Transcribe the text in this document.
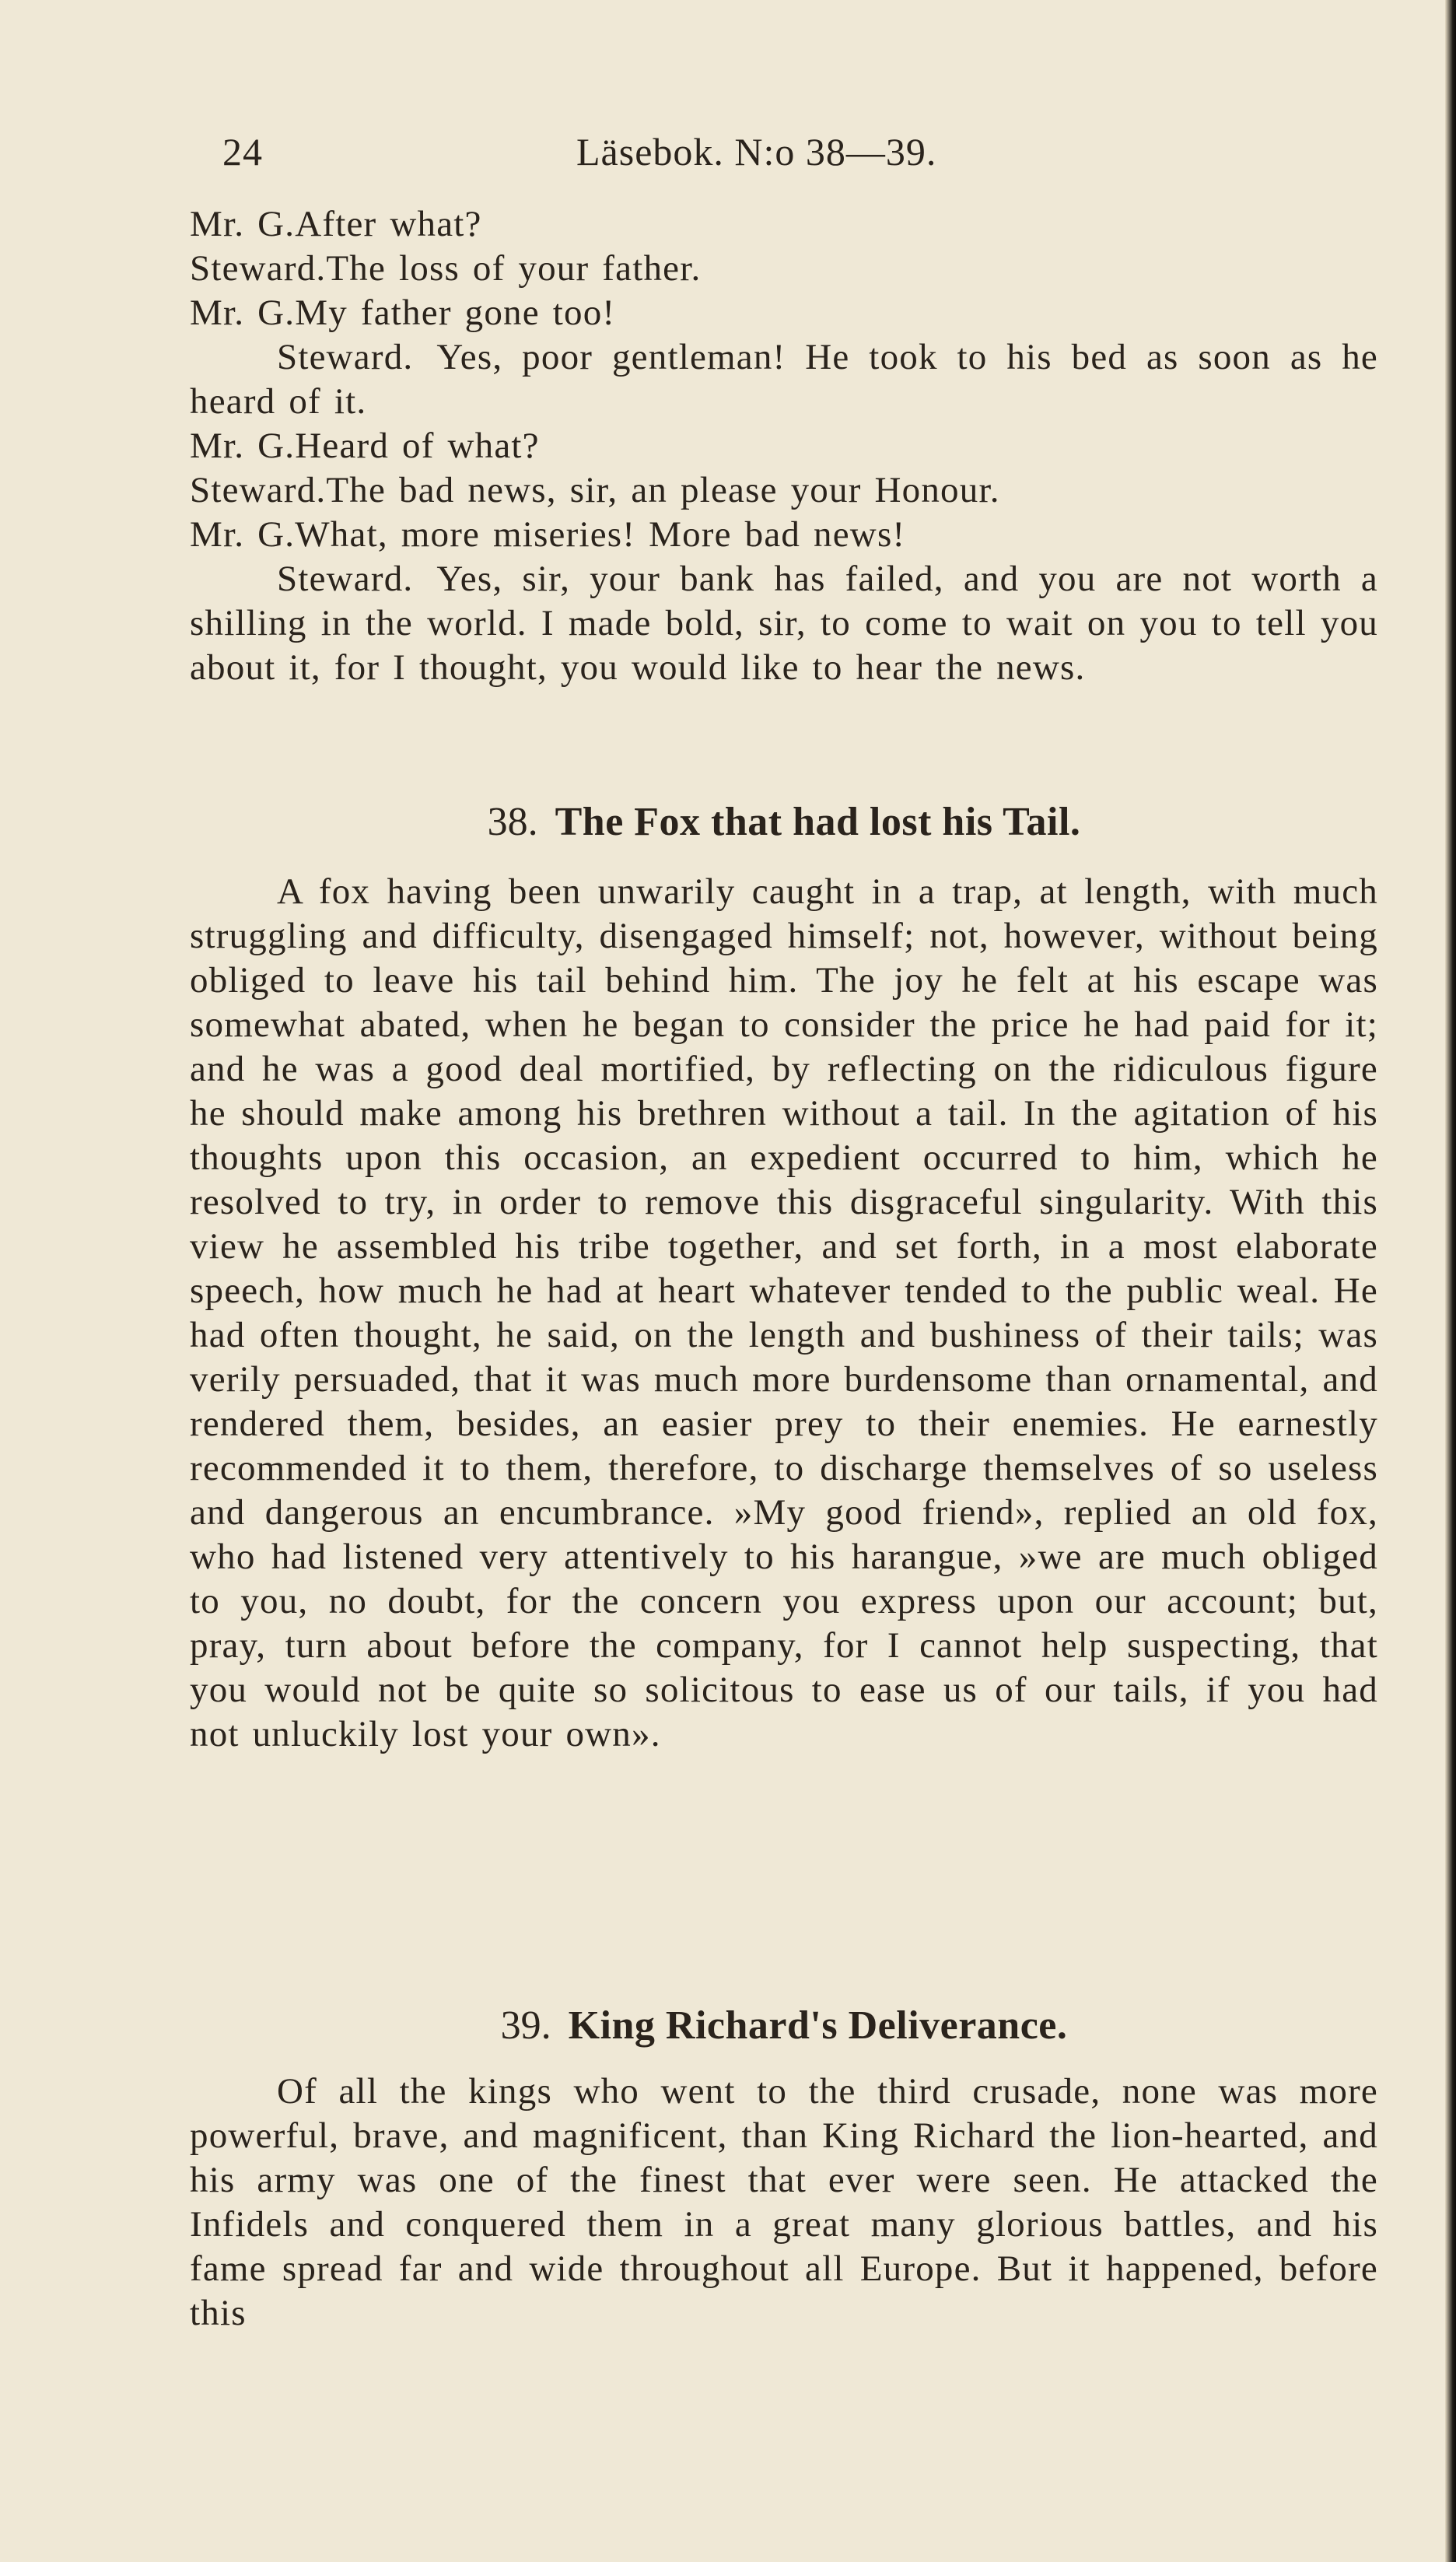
24	Läsebok. N:o 38—39.

Mr. G.After what?

Steward.The loss of your father.

Mr. G.My father gone too!

Steward. Yes, poor gentleman! He took to his bed as soon as he heard of it.

Mr. G.Heard of what?

Steward.The bad news, sir, an please your Honour.

Mr. G.What, more miseries! More bad news!

Steward. Yes, sir, your bank has failed, and you are not worth a shilling in the world. I made bold, sir, to come to wait on you to tell you about it, for I thought, you would like to hear the news.

38. The Fox that had lost his Tail.

A fox having been unwarily caught in a trap, at length, with much struggling and difficulty, disengaged himself; not, however, without being obliged to leave his tail behind him. The joy he felt at his escape was somewhat abated, when he began to consider the price he had paid for it; and he was a good deal mortified, by reflecting on the ridiculous figure he should make among his brethren without a tail. In the agitation of his thoughts upon this occasion, an expedient occurred to him, which he resolved to try, in order to remove this disgraceful singularity. With this view he assembled his tribe together, and set forth, in a most elaborate speech, how much he had at heart whatever tended to the public weal. He had often thought, he said, on the length and bushiness of their tails; was verily persuaded, that it was much more burdensome than ornamental, and rendered them, besides, an easier prey to their enemies. He earnestly recommended it to them, therefore, to discharge themselves of so useless and dangerous an encumbrance. »My good friend», replied an old fox, who had listened very attentively to his harangue, »we are much obliged to you, no doubt, for the concern you express upon our account; but, pray, turn about before the company, for I cannot help suspecting, that you would not be quite so solicitous to ease us of our tails, if you had not unluckily lost your own».

39. King Richard's Deliverance.

Of all the kings who went to the third crusade, none was more powerful, brave, and magnificent, than King Richard the lion-hearted, and his army was one of the finest that ever were seen. He attacked the Infidels and conquered them in a great many glorious battles, and his fame spread far and wide throughout all Europe. But it happened, before this
